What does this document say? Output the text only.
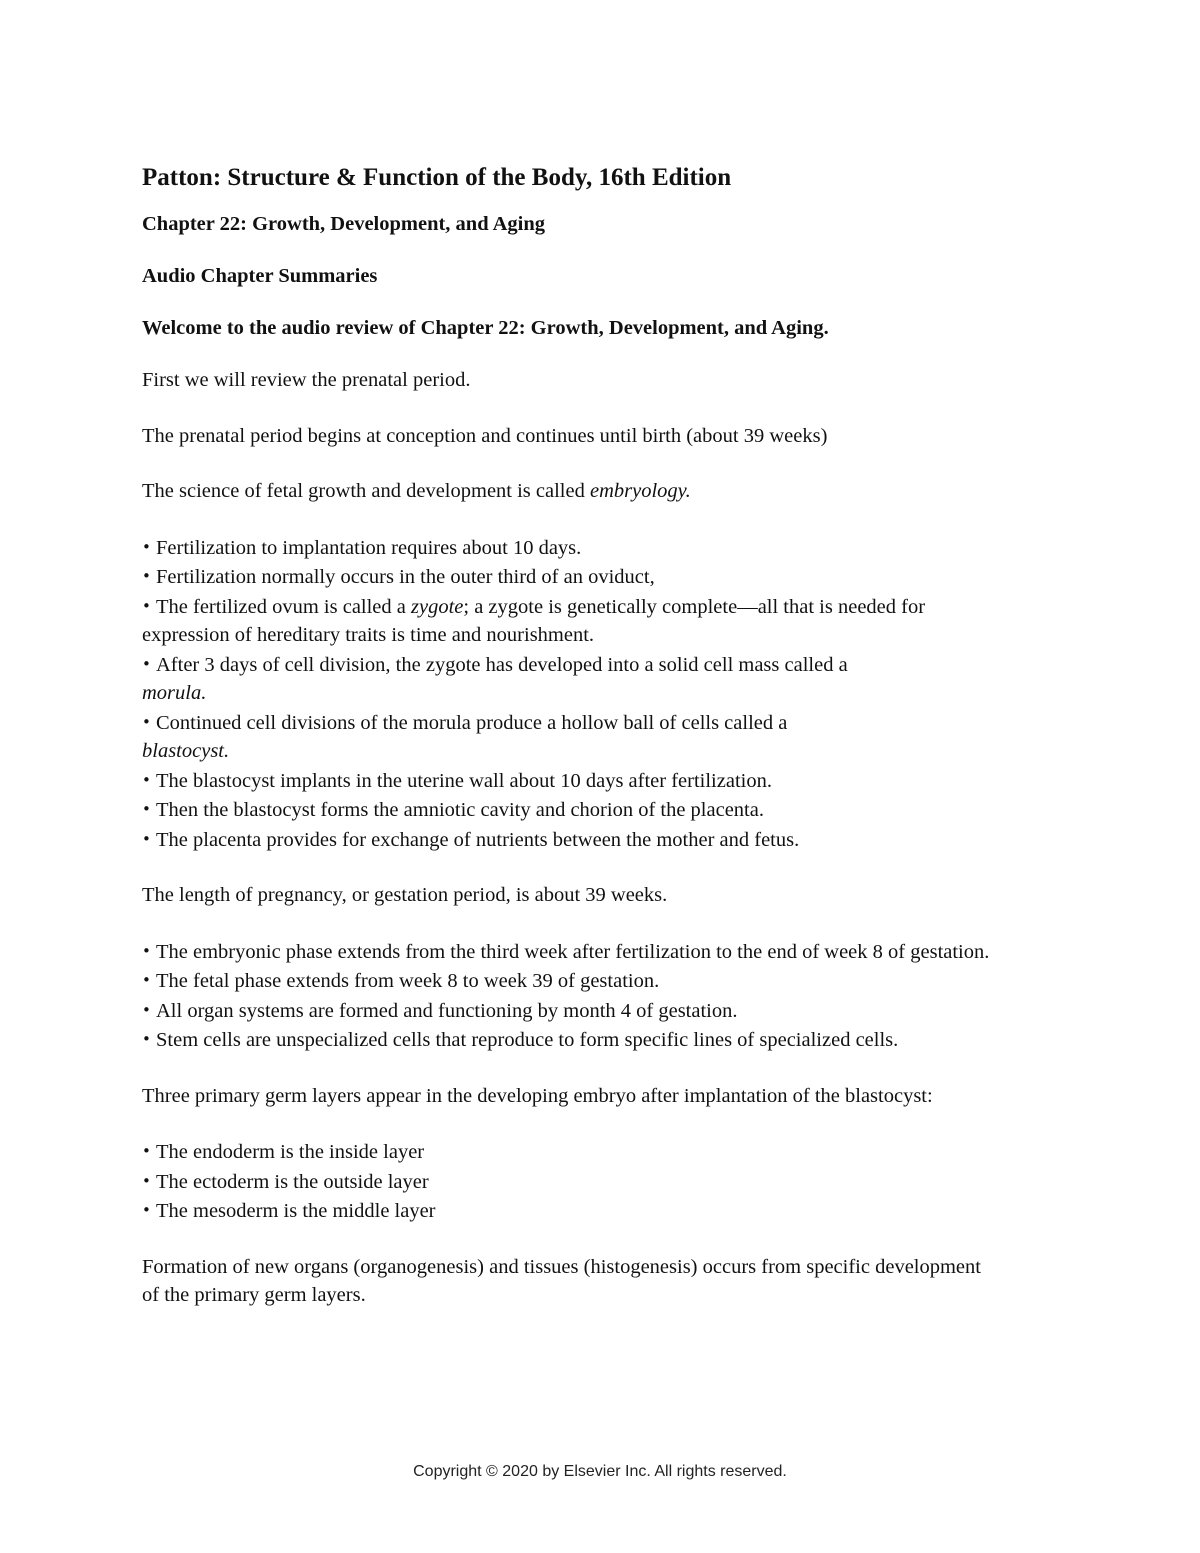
Patton: Structure & Function of the Body, 16th Edition
Chapter 22: Growth, Development, and Aging
Audio Chapter Summaries
Welcome to the audio review of Chapter 22: Growth, Development, and Aging.

First we will review the prenatal period.

The prenatal period begins at conception and continues until birth (about 39 weeks)

The science of fetal growth and development is called embryology.

• Fertilization to implantation requires about 10 days.
• Fertilization normally occurs in the outer third of an oviduct,
• The fertilized ovum is called a zygote; a zygote is genetically complete—all that is needed for expression of hereditary traits is time and nourishment.
• After 3 days of cell division, the zygote has developed into a solid cell mass called a
morula.
• Continued cell divisions of the morula produce a hollow ball of cells called a
blastocyst.
• The blastocyst implants in the uterine wall about 10 days after fertilization.
• Then the blastocyst forms the amniotic cavity and chorion of the placenta.
• The placenta provides for exchange of nutrients between the mother and fetus.

The length of pregnancy, or gestation period, is about 39 weeks.

• The embryonic phase extends from the third week after fertilization to the end of week 8 of gestation.
• The fetal phase extends from week 8 to week 39 of gestation.
• All organ systems are formed and functioning by month 4 of gestation.
• Stem cells are unspecialized cells that reproduce to form specific lines of specialized cells.

Three primary germ layers appear in the developing embryo after implantation of the blastocyst:

• The endoderm is the inside layer
• The ectoderm is the outside layer
• The mesoderm is the middle layer

Formation of new organs (organogenesis) and tissues (histogenesis) occurs from specific development of the primary germ layers.

Copyright © 2020 by Elsevier Inc. All rights reserved.
